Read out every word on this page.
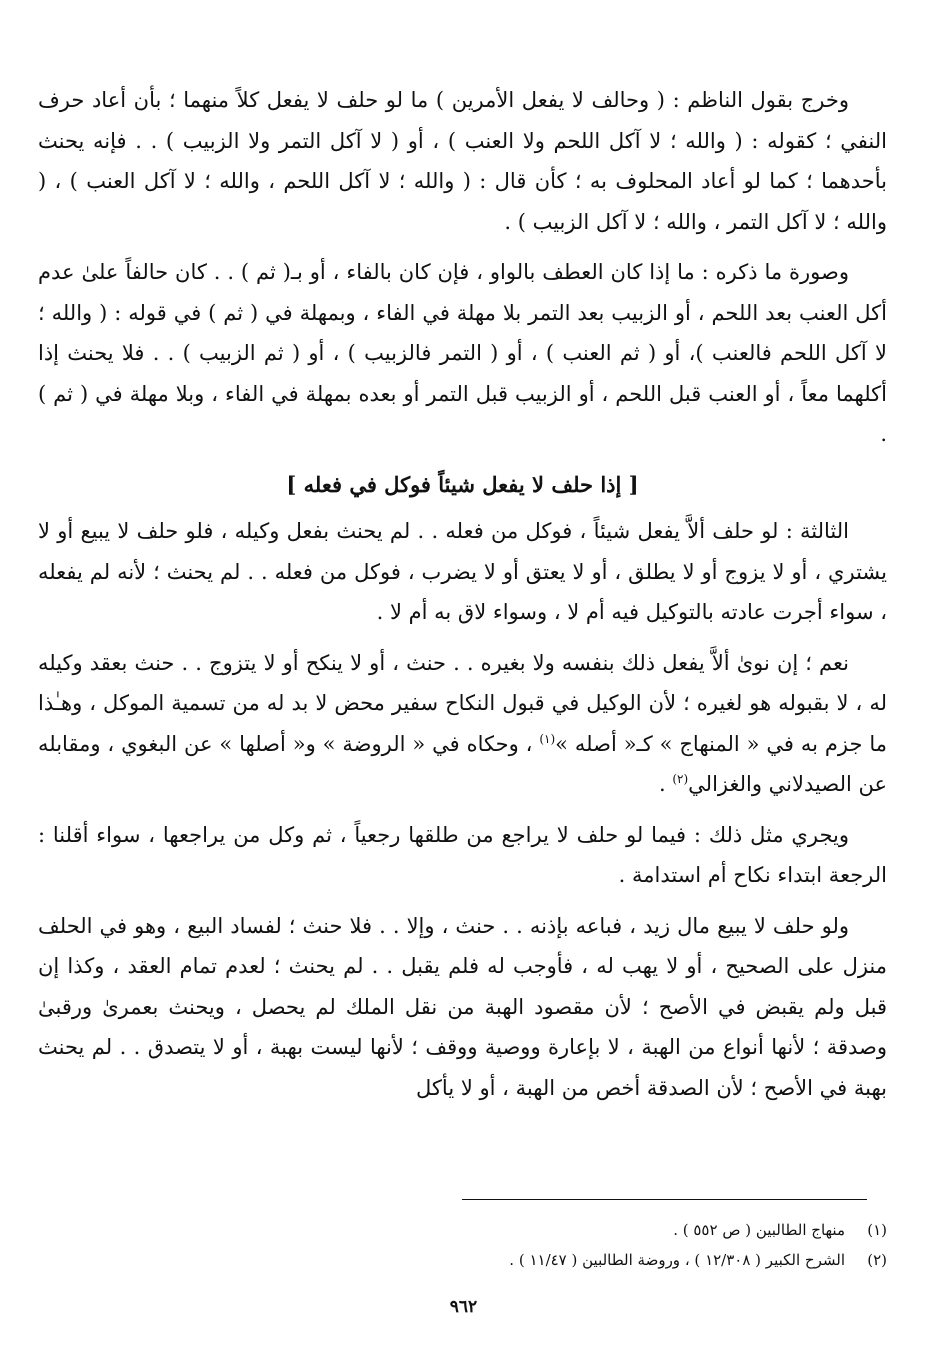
وخرج بقول الناظم : ( وحالف لا يفعل الأمرين ) ما لو حلف لا يفعل كلاً منهما ؛ بأن أعاد حرف النفي ؛ كقوله : ( والله ؛ لا آكل اللحم ولا العنب ) ، أو ( لا آكل التمر ولا الزبيب ) . . فإنه يحنث بأحدهما ؛ كما لو أعاد المحلوف به ؛ كأن قال : ( والله ؛ لا آكل اللحم ، والله ؛ لا آكل العنب ) ، ( والله ؛ لا آكل التمر ، والله ؛ لا آكل الزبيب ) .

وصورة ما ذكره : ما إذا كان العطف بالواو ، فإن كان بالفاء ، أو بـ( ثم ) . . كان حالفاً علىٰ عدم أكل العنب بعد اللحم ، أو الزبيب بعد التمر بلا مهلة في الفاء ، وبمهلة في ( ثم ) في قوله : ( والله ؛ لا آكل اللحم فالعنب )، أو ( ثم العنب ) ، أو ( التمر فالزبيب ) ، أو ( ثم الزبيب ) . . فلا يحنث إذا أكلهما معاً ، أو العنب قبل اللحم ، أو الزبيب قبل التمر أو بعده بمهلة في الفاء ، وبلا مهلة في ( ثم ) .

[ إذا حلف لا يفعل شيئاً فوكل في فعله ]

الثالثة : لو حلف ألاَّ يفعل شيئاً ، فوكل من فعله . . لم يحنث بفعل وكيله ، فلو حلف لا يبيع أو لا يشتري ، أو لا يزوج أو لا يطلق ، أو لا يعتق أو لا يضرب ، فوكل من فعله . . لم يحنث ؛ لأنه لم يفعله ، سواء أجرت عادته بالتوكيل فيه أم لا ، وسواء لاق به أم لا .

نعم ؛ إن نوىٰ ألاَّ يفعل ذلك بنفسه ولا بغيره . . حنث ، أو لا ينكح أو لا يتزوج . . حنث بعقد وكيله له ، لا بقبوله هو لغيره ؛ لأن الوكيل في قبول النكاح سفير محض لا بد له من تسمية الموكل ، وهـٰذا ما جزم به في « المنهاج » كـ« أصله »$^{(١)}$ ، وحكاه في « الروضة » و« أصلها » عن البغوي ، ومقابله عن الصيدلاني والغزالي$^{(٢)}$ .

ويجري مثل ذلك : فيما لو حلف لا يراجع من طلقها رجعياً ، ثم وكل من يراجعها ، سواء أقلنا : الرجعة ابتداء نكاح أم استدامة .

ولو حلف لا يبيع مال زيد ، فباعه بإذنه . . حنث ، وإلا . . فلا حنث ؛ لفساد البيع ، وهو في الحلف منزل على الصحيح ، أو لا يهب له ، فأوجب له فلم يقبل . . لم يحنث ؛ لعدم تمام العقد ، وكذا إن قبل ولم يقبض في الأصح ؛ لأن مقصود الهبة من نقل الملك لم يحصل ، ويحنث بعمرىٰ ورقبىٰ وصدقة ؛ لأنها أنواع من الهبة ، لا بإعارة ووصية ووقف ؛ لأنها ليست بهبة ، أو لا يتصدق . . لم يحنث بهبة في الأصح ؛ لأن الصدقة أخص من الهبة ، أو لا يأكل

(١)منهاج الطالبين ( ص ٥٥٢ ) .

(٢)الشرح الكبير ( ١٢/٣٠٨ ) ، وروضة الطالبين ( ١١/٤٧ ) .

٩٦٢
